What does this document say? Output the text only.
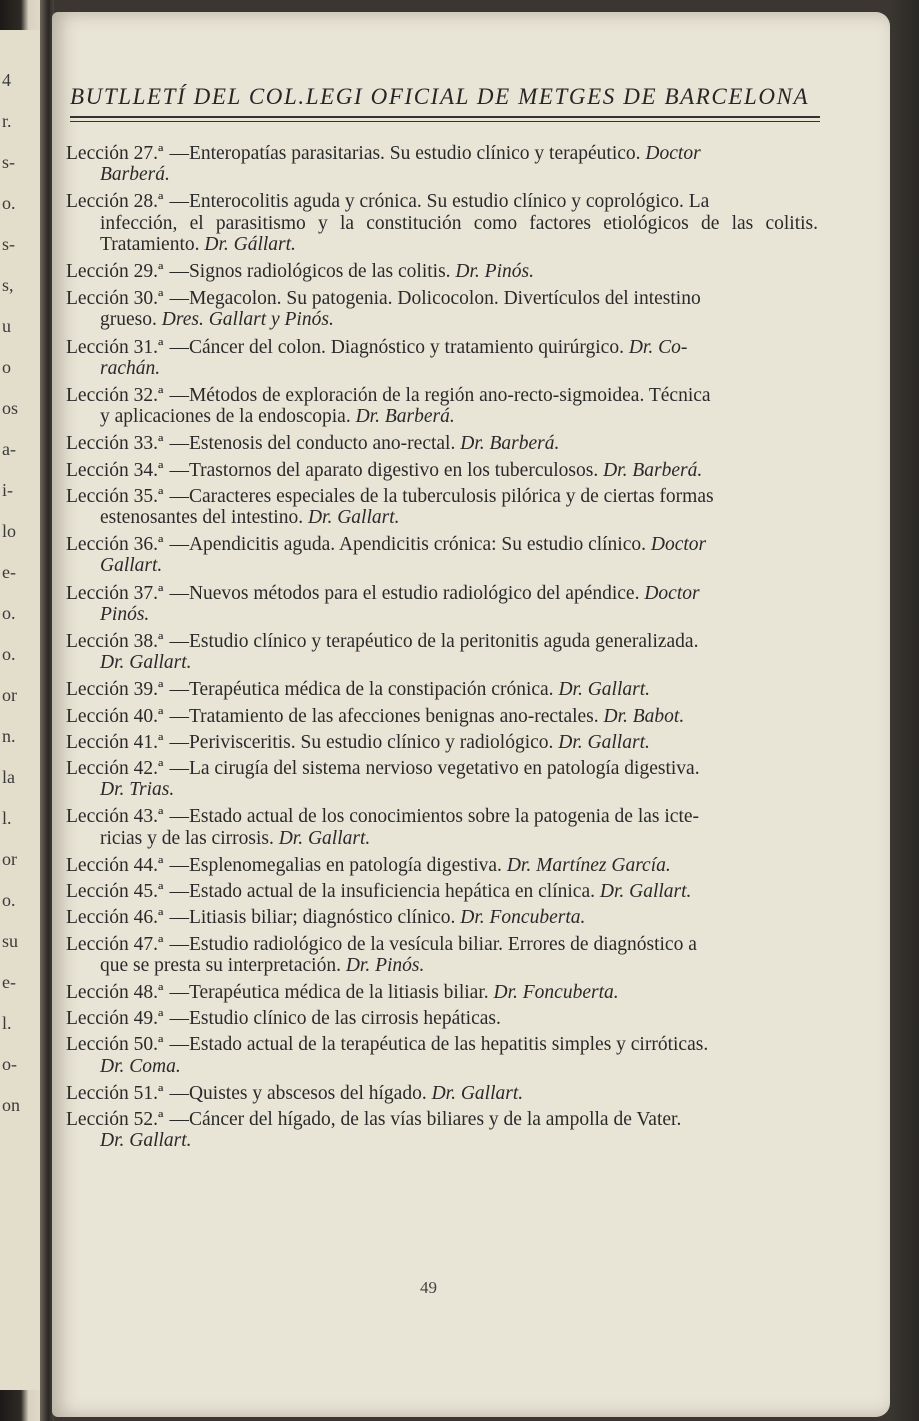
4
r.
s-
o.
s-
s,
u
o
os
a-
i-
lo
e-
o.
o.
or
n.
la
l.
or
o.
su
e-
l.
o-
on
BUTLLETÍ DEL COL.LEGI OFICIAL DE METGES DE BARCELONA
Lección 27.ª —Enteropatías parasitarias. Su estudio clínico y terapéutico. Doctor
Barberá.
Lección 28.ª —Enterocolitis aguda y crónica. Su estudio clínico y coprológico. La
infección, el parasitismo y la constitución como factores etiológicos de las colitis. Tratamiento. Dr. Gállart.
Lección 29.ª —Signos radiológicos de las colitis. Dr. Pinós.
Lección 30.ª —Megacolon. Su patogenia. Dolicocolon. Divertículos del intestino
grueso. Dres. Gallart y Pinós.
Lección 31.ª —Cáncer del colon. Diagnóstico y tratamiento quirúrgico. Dr. Co-
rachán.
Lección 32.ª —Métodos de exploración de la región ano-recto-sigmoidea. Técnica
y aplicaciones de la endoscopia. Dr. Barberá.
Lección 33.ª —Estenosis del conducto ano-rectal. Dr. Barberá.
Lección 34.ª —Trastornos del aparato digestivo en los tuberculosos. Dr. Barberá.
Lección 35.ª —Caracteres especiales de la tuberculosis pilórica y de ciertas formas
estenosantes del intestino. Dr. Gallart.
Lección 36.ª —Apendicitis aguda. Apendicitis crónica: Su estudio clínico. Doctor
Gallart.
Lección 37.ª —Nuevos métodos para el estudio radiológico del apéndice. Doctor
Pinós.
Lección 38.ª —Estudio clínico y terapéutico de la peritonitis aguda generalizada.
Dr. Gallart.
Lección 39.ª —Terapéutica médica de la constipación crónica. Dr. Gallart.
Lección 40.ª —Tratamiento de las afecciones benignas ano-rectales. Dr. Babot.
Lección 41.ª —Perivisceritis. Su estudio clínico y radiológico. Dr. Gallart.
Lección 42.ª —La cirugía del sistema nervioso vegetativo en patología digestiva.
Dr. Trias.
Lección 43.ª —Estado actual de los conocimientos sobre la patogenia de las icte-
ricias y de las cirrosis. Dr. Gallart.
Lección 44.ª —Esplenomegalias en patología digestiva. Dr. Martínez García.
Lección 45.ª —Estado actual de la insuficiencia hepática en clínica. Dr. Gallart.
Lección 46.ª —Litiasis biliar; diagnóstico clínico. Dr. Foncuberta.
Lección 47.ª —Estudio radiológico de la vesícula biliar. Errores de diagnóstico a
que se presta su interpretación. Dr. Pinós.
Lección 48.ª —Terapéutica médica de la litiasis biliar. Dr. Foncuberta.
Lección 49.ª —Estudio clínico de las cirrosis hepáticas.
Lección 50.ª —Estado actual de la terapéutica de las hepatitis simples y cirróticas.
Dr. Coma.
Lección 51.ª —Quistes y abscesos del hígado. Dr. Gallart.
Lección 52.ª —Cáncer del hígado, de las vías biliares y de la ampolla de Vater.
Dr. Gallart.
49
